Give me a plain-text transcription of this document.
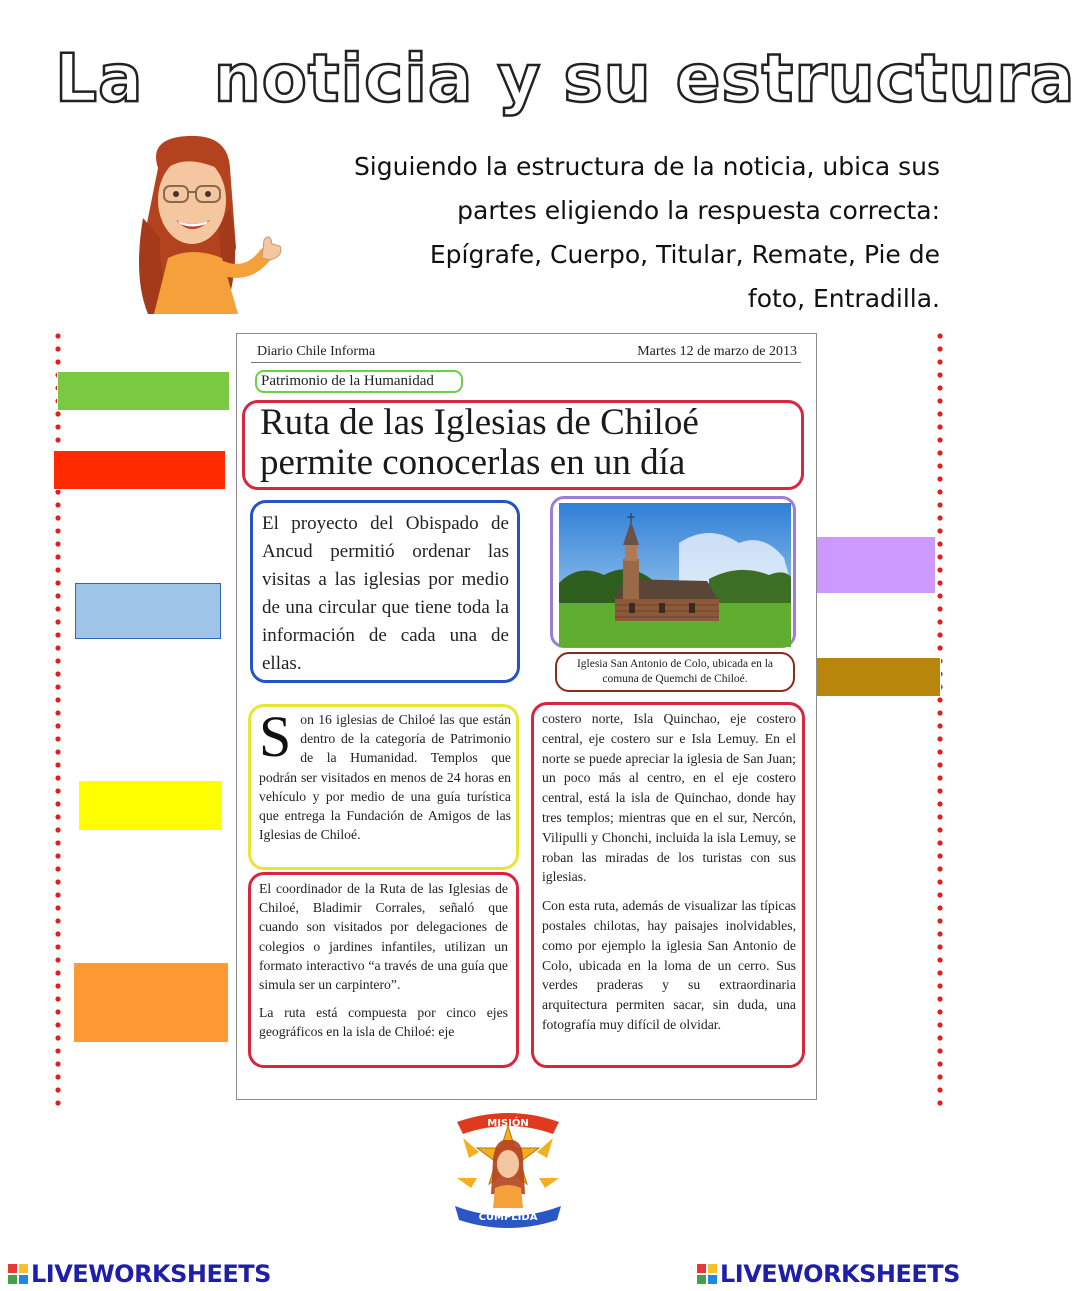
La noticia y su estructura
Siguiendo la estructura de la noticia, ubica sus
partes eligiendo la respuesta correcta:
Epígrafe, Cuerpo, Titular, Remate, Pie de
foto, Entradilla.
Diario Chile Informa	Martes 12 de marzo de 2013
Patrimonio de la Humanidad
Ruta de las Iglesias de Chiloé
permite conocerlas en un día
El proyecto del Obispado de Ancud permitió ordenar las visitas a las iglesias por medio de una circular que tiene toda la información de cada una de ellas.	Iglesia San Antonio de Colo, ubicada en la
comuna de Quemchi de Chiloé.
S on 16 iglesias de Chiloé las que están dentro de la categoría de Patrimonio de la Humanidad. Templos que podrán ser visitados en menos de 24 horas en vehículo y por medio de una guía turística que entrega la Fundación de Amigos de las Iglesias de Chiloé.
El coordinador de la Ruta de las Iglesias de Chiloé, Bladimir Corrales, señaló que cuando son visitados por delegaciones de colegios o jardines infantiles, utilizan un formato interactivo “a través de una guía que simula ser un carpintero”.
La ruta está compuesta por cinco ejes geográficos en la isla de Chiloé: eje
costero norte, Isla Quinchao, eje costero central, eje costero sur e Isla Lemuy. En el norte se puede apreciar la iglesia de San Juan; un poco más al centro, en el eje costero central, está la isla de Quinchao, donde hay tres templos; mientras que en el sur, Nercón, Vilipulli y Chonchi, incluida la isla Lemuy, se roban las miradas de los turistas con sus iglesias.
Con esta ruta, además de visualizar las típicas postales chilotas, hay paisajes inolvidables, como por ejemplo la iglesia San Antonio de Colo, ubicada en la loma de un cerro. Sus verdes praderas y su extraordinaria arquitectura permiten sacar, sin duda, una fotografía muy difícil de olvidar.
MISIÓN
CUMPLIDA
LIVEWORKSHEETS	LIVEWORKSHEETS
